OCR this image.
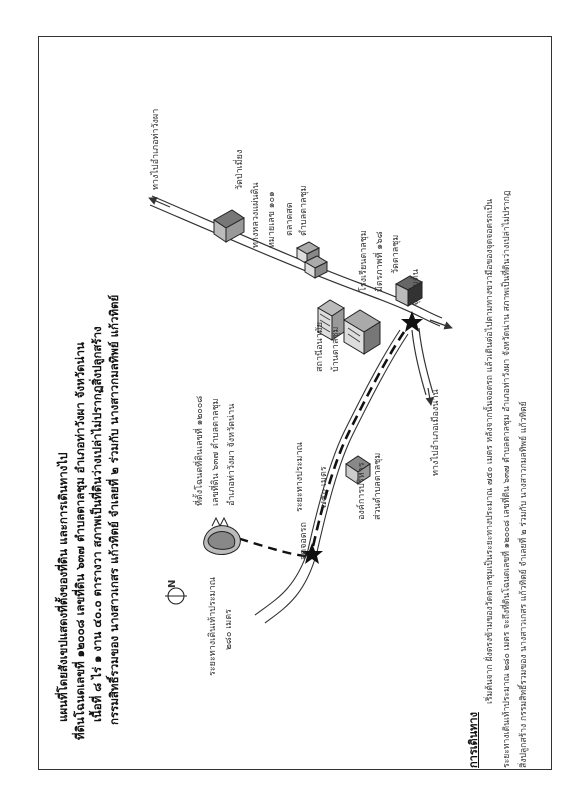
แผนที่โดยสังเขปแสดงที่ตั้งของที่ดิน และการเดินทางไป ที่ดินโฉนดเลขที่ ๑๒๐๐๘ เลขที่ดิน ๖๓๗ ตำบลตาลชุม อำเภอท่าวังผา จังหวัดน่าน เนื้อที่ ๘ ไร่ ๑ งาน ๔๐.๐ ตารางวา สภาพเป็นที่ดินว่างเปล่าไม่ปรากฏสิ่งปลูกสร้าง กรรมสิทธิ์รวมของ นางสาวเกสร แก้วทิตย์ จำเลยที่ ๒ ร่วมกับ นางสาวกมลทิพย์ แก้วทิตย์
ทางไปอำเภอท่าวังผา	วัดป่าเมี่ยง
ทางหลวงแผ่นดิน หมายเลข ๑๐๑ ตลาดสด ตำบลตาลชุม
โรงเรียนตาลชุม มิตรภาพที่ ๑๖๘ วัดตาลชุม
จุดเริ่มต้น
สถานีอนามัย บ้านตาลชุม
ทางไปอำเภอเมืองน่าน
องค์การบริหาร ส่วนตำบลตาลชุม
ระยะทางประมาณ ๗๕๐ เมตร
ที่ตั้งโฉนดที่ดินเลขที่ ๑๒๐๐๘ เลขที่ดิน ๖๓๗ ตำบลตาลชุม อำเภอท่าวังผา จังหวัดน่าน
จุดจอดรถ
ระยะทางเดินเท้าประมาณ ๒๘๐ เมตร
N
การเดินทาง
เริ่มต้นจาก ฝั่งตรงข้ามของวัดตาลชุมเป็นระยะทางประมาณ ๗๕๐ เมตร หลังจากนั้นจอดรถ แล้วเดินต่อไปตามทางขวามือของจุดจอดรถเป็น ระยะทางเดินเท้าประมาณ ๒๘๐ เมตร จะถึงที่ดินโฉนดเลขที่ ๑๒๐๐๘ เลขที่ดิน ๖๓๗ ตำบลตาลชุม อำเภอท่าวังผา จังหวัดน่าน สภาพเป็นที่ดินว่างเปล่าไม่ปรากฏ สิ่งปลูกสร้าง กรรมสิทธิ์รวมของ นางสาวเกสร แก้วทิตย์ จำเลยที่ ๒ ร่วมกับ นางสาวกมลทิพย์ แก้วทิตย์
